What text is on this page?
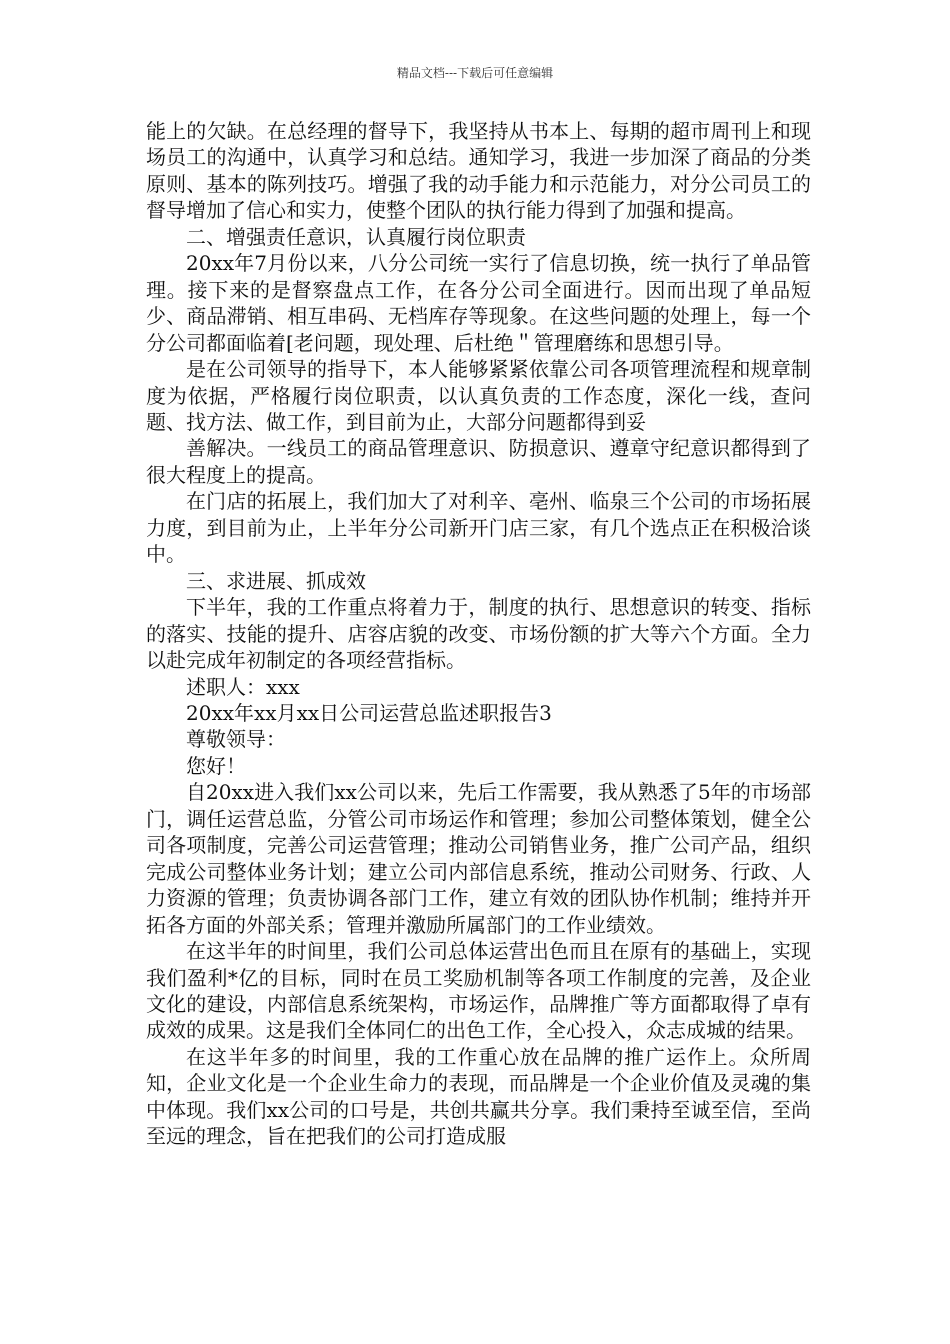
精品文档---下载后可任意编辑

能上的欠缺。在总经理的督导下，我坚持从书本上、每期的超市周刊上和现场员工的沟通中，认真学习和总结。通知学习，我进一步加深了商品的分类原则、基本的陈列技巧。增强了我的动手能力和示范能力，对分公司员工的督导增加了信心和实力，使整个团队的执行能力得到了加强和提高。

二、增强责任意识，认真履行岗位职责

20xx年7月份以来，八分公司统一实行了信息切换，统一执行了单品管理。接下来的是督察盘点工作，在各分公司全面进行。因而出现了单品短少、商品滞销、相互串码、无档库存等现象。在这些问题的处理上，每一个分公司都面临着[老问题，现处理、后杜绝＂管理磨练和思想引导。

是在公司领导的指导下，本人能够紧紧依靠公司各项管理流程和规章制度为依据，严格履行岗位职责，以认真负责的工作态度，深化一线，查问题、找方法、做工作，到目前为止，大部分问题都得到妥

善解决。一线员工的商品管理意识、防损意识、遵章守纪意识都得到了很大程度上的提高。

在门店的拓展上，我们加大了对利辛、亳州、临泉三个公司的市场拓展力度，到目前为止，上半年分公司新开门店三家，有几个选点正在积极洽谈中。

三、求进展、抓成效

下半年，我的工作重点将着力于，制度的执行、思想意识的转变、指标的落实、技能的提升、店容店貌的改变、市场份额的扩大等六个方面。全力以赴完成年初制定的各项经营指标。

述职人：xxx

20xx年xx月xx日公司运营总监述职报告3

尊敬领导：

您好！

自20xx进入我们xx公司以来，先后工作需要，我从熟悉了5年的市场部门，调任运营总监，分管公司市场运作和管理；参加公司整体策划，健全公司各项制度，完善公司运营管理；推动公司销售业务，推广公司产品，组织完成公司整体业务计划；建立公司内部信息系统，推动公司财务、行政、人力资源的管理；负责协调各部门工作，建立有效的团队协作机制；维持并开拓各方面的外部关系；管理并激励所属部门的工作业绩效。

在这半年的时间里，我们公司总体运营出色而且在原有的基础上，实现我们盈利*亿的目标，同时在员工奖励机制等各项工作制度的完善，及企业文化的建设，内部信息系统架构，市场运作，品牌推广等方面都取得了卓有成效的成果。这是我们全体同仁的出色工作，全心投入，众志成城的结果。

在这半年多的时间里，我的工作重心放在品牌的推广运作上。众所周知，企业文化是一个企业生命力的表现，而品牌是一个企业价值及灵魂的集中体现。我们xx公司的口号是，共创共赢共分享。我们秉持至诚至信，至尚至远的理念，旨在把我们的公司打造成服
